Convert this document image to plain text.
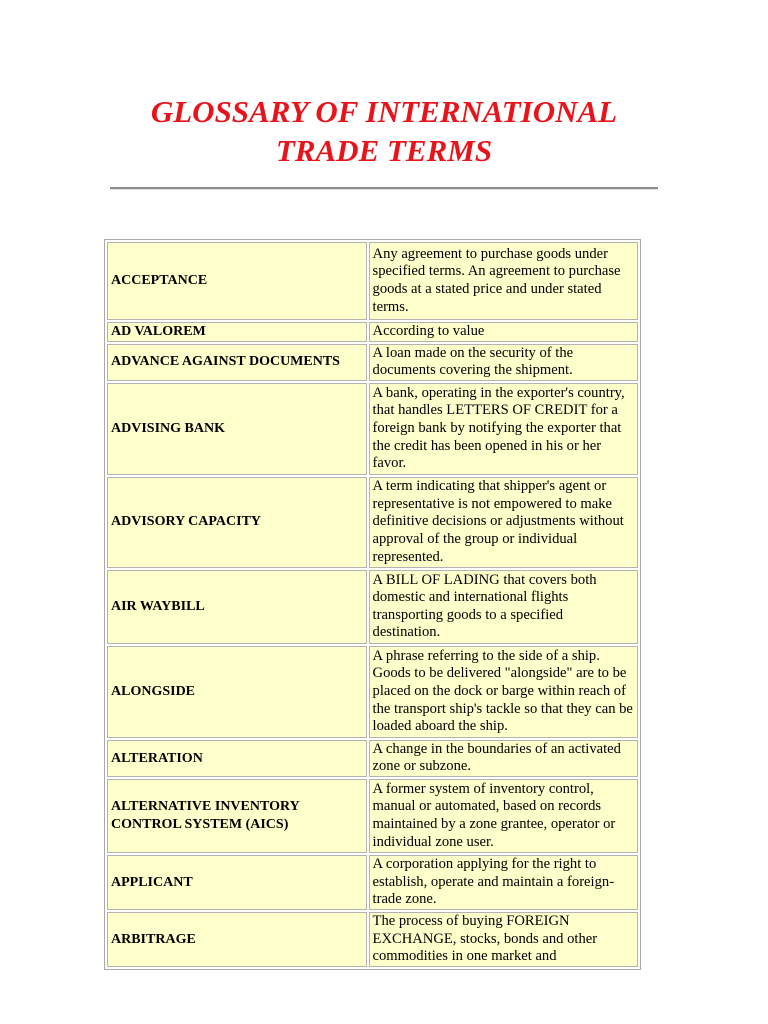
GLOSSARY OF INTERNATIONAL
TRADE TERMS
ACCEPTANCE	Any agreement to purchase goods under specified terms. An agreement to purchase goods at a stated price and under stated terms.
AD VALOREM	According to value
ADVANCE AGAINST DOCUMENTS	A loan made on the security of the documents covering the shipment.
ADVISING BANK	A bank, operating in the exporter's country, that handles LETTERS OF CREDIT for a foreign bank by notifying the exporter that the credit has been opened in his or her favor.
ADVISORY CAPACITY	A term indicating that shipper's agent or representative is not empowered to make definitive decisions or adjustments without approval of the group or individual represented.
AIR WAYBILL	A BILL OF LADING that covers both domestic and international flights transporting goods to a specified destination.
ALONGSIDE	A phrase referring to the side of a ship. Goods to be delivered "alongside" are to be placed on the dock or barge within reach of the transport ship's tackle so that they can be loaded aboard the ship.
ALTERATION	A change in the boundaries of an activated zone or subzone.
ALTERNATIVE INVENTORY CONTROL SYSTEM (AICS)	A former system of inventory control, manual or automated, based on records maintained by a zone grantee, operator or individual zone user.
APPLICANT	A corporation applying for the right to establish, operate and maintain a foreign-trade zone.
ARBITRAGE	The process of buying FOREIGN EXCHANGE, stocks, bonds and other commodities in one market and
